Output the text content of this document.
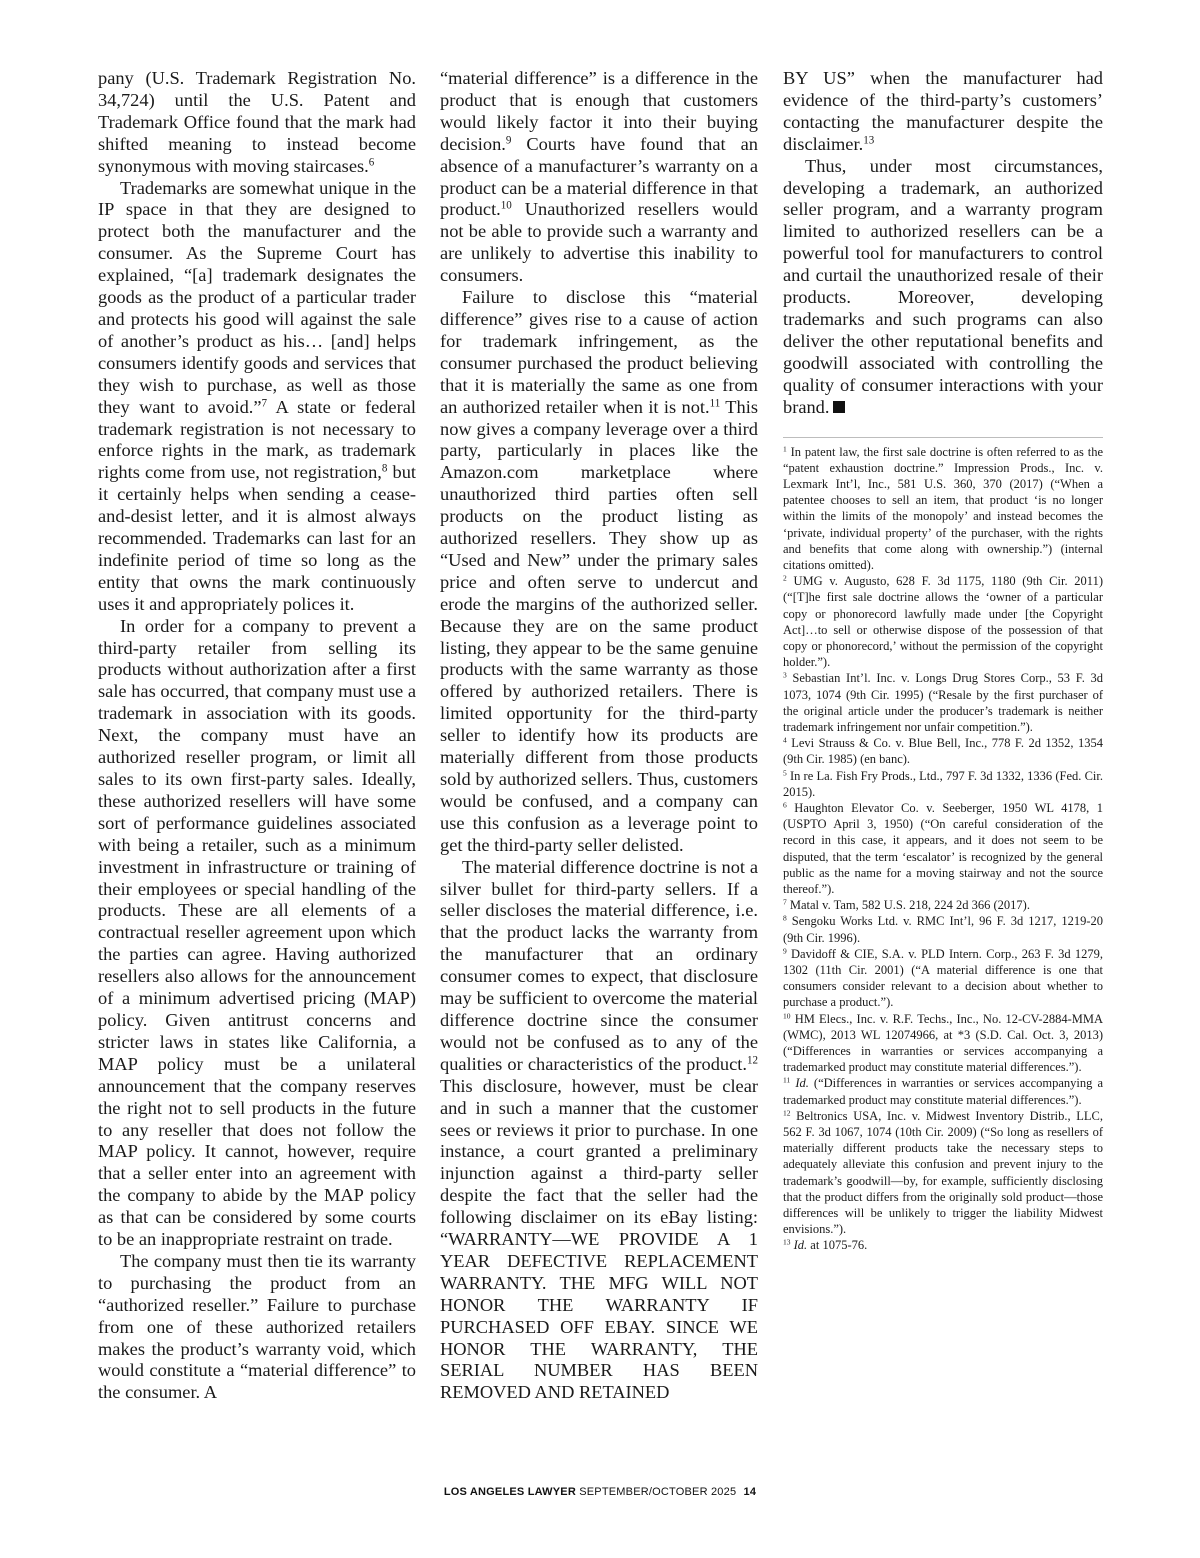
pany (U.S. Trademark Registration No. 34,724) until the U.S. Patent and Trademark Office found that the mark had shifted meaning to instead become synonymous with moving staircases.$^6$

Trademarks are somewhat unique in the IP space in that they are designed to protect both the manufacturer and the consumer. As the Supreme Court has explained, “[a] trademark designates the goods as the product of a particular trader and protects his good will against the sale of another’s product as his… [and] helps consumers identify goods and services that they wish to purchase, as well as those they want to avoid.”$^7$ A state or federal trademark registration is not necessary to enforce rights in the mark, as trademark rights come from use, not registration,$^8$ but it certainly helps when sending a cease-and-desist letter, and it is almost always recommended. Trademarks can last for an indefinite period of time so long as the entity that owns the mark continuously uses it and appropriately polices it.

In order for a company to prevent a third-party retailer from selling its products without authorization after a first sale has occurred, that company must use a trademark in association with its goods. Next, the company must have an authorized reseller program, or limit all sales to its own first-party sales. Ideally, these authorized resellers will have some sort of performance guidelines associated with being a retailer, such as a minimum investment in infrastructure or training of their employees or special handling of the products. These are all elements of a contractual reseller agreement upon which the parties can agree. Having authorized resellers also allows for the announcement of a minimum advertised pricing (MAP) policy. Given antitrust concerns and stricter laws in states like California, a MAP policy must be a unilateral announcement that the company reserves the right not to sell products in the future to any reseller that does not follow the MAP policy. It cannot, however, require that a seller enter into an agreement with the company to abide by the MAP policy as that can be considered by some courts to be an inappropriate restraint on trade.

The company must then tie its warranty to purchasing the product from an “authorized reseller.” Failure to purchase from one of these authorized retailers makes the product’s warranty void, which would constitute a “material difference” to the consumer. A

“material difference” is a difference in the product that is enough that customers would likely factor it into their buying decision.$^9$ Courts have found that an absence of a manufacturer’s warranty on a product can be a material difference in that product.$^{10}$ Unauthorized resellers would not be able to provide such a warranty and are unlikely to advertise this inability to consumers.

Failure to disclose this “material difference” gives rise to a cause of action for trademark infringement, as the consumer purchased the product believing that it is materially the same as one from an authorized retailer when it is not.$^{11}$ This now gives a company leverage over a third party, particularly in places like the Amazon.com marketplace where unauthorized third parties often sell products on the product listing as authorized resellers. They show up as “Used and New” under the primary sales price and often serve to undercut and erode the margins of the authorized seller. Because they are on the same product listing, they appear to be the same genuine products with the same warranty as those offered by authorized retailers. There is limited opportunity for the third-party seller to identify how its products are materially different from those products sold by authorized sellers. Thus, customers would be confused, and a company can use this confusion as a leverage point to get the third-party seller delisted.

The material difference doctrine is not a silver bullet for third-party sellers. If a seller discloses the material difference, i.e. that the product lacks the warranty from the manufacturer that an ordinary consumer comes to expect, that disclosure may be sufficient to overcome the material difference doctrine since the consumer would not be confused as to any of the qualities or characteristics of the product.$^{12}$ This disclosure, however, must be clear and in such a manner that the customer sees or reviews it prior to purchase. In one instance, a court granted a preliminary injunction against a third-party seller despite the fact that the seller had the following disclaimer on its eBay listing: “WARRANTY—WE PROVIDE A 1 YEAR DEFECTIVE REPLACEMENT WARRANTY. THE MFG WILL NOT HONOR THE WARRANTY IF PURCHASED OFF EBAY. SINCE WE HONOR THE WARRANTY, THE SERIAL NUMBER HAS BEEN REMOVED AND RETAINED

BY US” when the manufacturer had evidence of the third-party’s customers’ contacting the manufacturer despite the disclaimer.$^{13}$

Thus, under most circumstances, developing a trademark, an authorized seller program, and a warranty program limited to authorized resellers can be a powerful tool for manufacturers to control and curtail the unauthorized resale of their products. Moreover, developing trademarks and such programs can also deliver the other reputational benefits and goodwill associated with controlling the quality of consumer interactions with your brand.

$^1$ In patent law, the first sale doctrine is often referred to as the “patent exhaustion doctrine.” Impression Prods., Inc. v. Lexmark Int’l, Inc., 581 U.S. 360, 370 (2017) (“When a patentee chooses to sell an item, that product ‘is no longer within the limits of the monopoly’ and instead becomes the ‘private, individual property’ of the purchaser, with the rights and benefits that come along with ownership.”) (internal citations omitted).

$^2$ UMG v. Augusto, 628 F. 3d 1175, 1180 (9th Cir. 2011) (“[T]he first sale doctrine allows the ‘owner of a particular copy or phonorecord lawfully made under [the Copyright Act]…to sell or otherwise dispose of the possession of that copy or phonorecord,’ without the permission of the copyright holder.”).

$^3$ Sebastian Int’l. Inc. v. Longs Drug Stores Corp., 53 F. 3d 1073, 1074 (9th Cir. 1995) (“Resale by the first purchaser of the original article under the producer’s trademark is neither trademark infringement nor unfair competition.”).

$^4$ Levi Strauss & Co. v. Blue Bell, Inc., 778 F. 2d 1352, 1354 (9th Cir. 1985) (en banc).

$^5$ In re La. Fish Fry Prods., Ltd., 797 F. 3d 1332, 1336 (Fed. Cir. 2015).

$^6$ Haughton Elevator Co. v. Seeberger, 1950 WL 4178, 1 (USPTO April 3, 1950) (“On careful consideration of the record in this case, it appears, and it does not seem to be disputed, that the term ‘escalator’ is recognized by the general public as the name for a moving stairway and not the source thereof.”).

$^7$ Matal v. Tam, 582 U.S. 218, 224 2d 366 (2017).

$^8$ Sengoku Works Ltd. v. RMC Int’l, 96 F. 3d 1217, 1219-20 (9th Cir. 1996).

$^9$ Davidoff & CIE, S.A. v. PLD Intern. Corp., 263 F. 3d 1279, 1302 (11th Cir. 2001) (“A material difference is one that consumers consider relevant to a decision about whether to purchase a product.”).

$^{10}$ HM Elecs., Inc. v. R.F. Techs., Inc., No. 12-CV-2884-MMA (WMC), 2013 WL 12074966, at *3 (S.D. Cal. Oct. 3, 2013) (“Differences in warranties or services accompanying a trademarked product may constitute material differences.”).

$^{11}$ Id. (“Differences in warranties or services accompanying a trademarked product may constitute material differences.”).

$^{12}$ Beltronics USA, Inc. v. Midwest Inventory Distrib., LLC, 562 F. 3d 1067, 1074 (10th Cir. 2009) (“So long as resellers of materially different products take the necessary steps to adequately alleviate this confusion and prevent injury to the trademark’s goodwill—by, for example, sufficiently disclosing that the product differs from the originally sold product—those differences will be unlikely to trigger the liability Midwest envisions.”).

$^{13}$ Id. at 1075-76.

LOS ANGELES LAWYER SEPTEMBER/OCTOBER 2025 14
